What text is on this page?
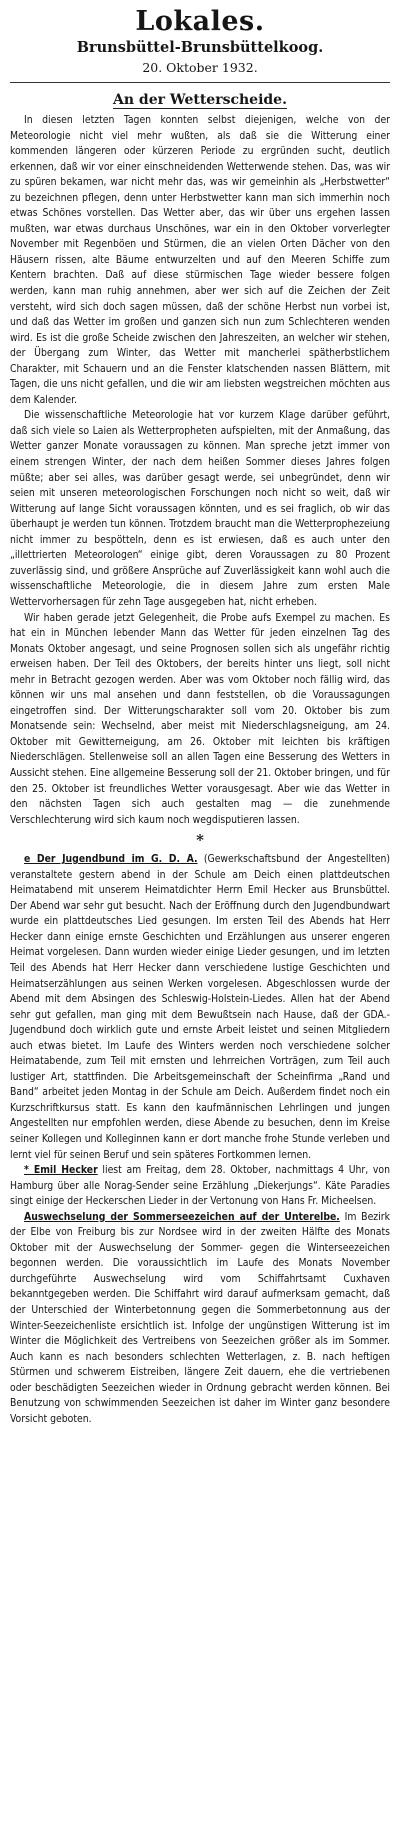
Lokales.

Brunsbüttel-Brunsbüttelkoog.

20. Oktober 1932.

An der Wetterscheide.

In diesen letzten Tagen konnten selbst diejenigen, welche von der Meteorologie nicht viel mehr wußten, als daß sie die Witterung einer kommenden längeren oder kürzeren Periode zu ergründen sucht, deutlich erkennen, daß wir vor einer einschneidenden Wetterwende stehen. Das, was wir zu spüren bekamen, war nicht mehr das, was wir gemeinhin als „Herbstwetter“ zu bezeichnen pflegen, denn unter Herbstwetter kann man sich immerhin noch etwas Schönes vorstellen. Das Wetter aber, das wir über uns ergehen lassen mußten, war etwas durchaus Unschönes, war ein in den Oktober vorverlegter November mit Regenböen und Stürmen, die an vielen Orten Dächer von den Häusern rissen, alte Bäume entwurzelten und auf den Meeren Schiffe zum Kentern brachten. Daß auf diese stürmischen Tage wieder bessere folgen werden, kann man ruhig annehmen, aber wer sich auf die Zeichen der Zeit versteht, wird sich doch sagen müssen, daß der schöne Herbst nun vorbei ist, und daß das Wetter im großen und ganzen sich nun zum Schlechteren wenden wird. Es ist die große Scheide zwischen den Jahreszeiten, an welcher wir stehen, der Übergang zum Winter, das Wetter mit mancherlei spätherbstlichem Charakter, mit Schauern und an die Fenster klatschenden nassen Blättern, mit Tagen, die uns nicht gefallen, und die wir am liebsten wegstreichen möchten aus dem Kalender.

Die wissenschaftliche Meteorologie hat vor kurzem Klage darüber geführt, daß sich viele so Laien als Wetterpropheten aufspielten, mit der Anmaßung, das Wetter ganzer Monate voraussagen zu können. Man spreche jetzt immer von einem strengen Winter, der nach dem heißen Sommer dieses Jahres folgen müßte; aber sei alles, was darüber gesagt werde, sei unbegründet, denn wir seien mit unseren meteorologischen Forschungen noch nicht so weit, daß wir Witterung auf lange Sicht voraussagen könnten, und es sei fraglich, ob wir das überhaupt je werden tun können. Trotzdem braucht man die Wetterprophezeiung nicht immer zu bespötteln, denn es ist erwiesen, daß es auch unter den „illettrierten Meteorologen“ einige gibt, deren Voraussagen zu 80 Prozent zuverlässig sind, und größere Ansprüche auf Zuverlässigkeit kann wohl auch die wissenschaftliche Meteorologie, die in diesem Jahre zum ersten Male Wettervorhersagen für zehn Tage ausgegeben hat, nicht erheben.

Wir haben gerade jetzt Gelegenheit, die Probe aufs Exempel zu machen. Es hat ein in München lebender Mann das Wetter für jeden einzelnen Tag des Monats Oktober angesagt, und seine Prognosen sollen sich als ungefähr richtig erweisen haben. Der Teil des Oktobers, der bereits hinter uns liegt, soll nicht mehr in Betracht gezogen werden. Aber was vom Oktober noch fällig wird, das können wir uns mal ansehen und dann feststellen, ob die Voraussagungen eingetroffen sind. Der Witterungscharakter soll vom 20. Oktober bis zum Monatsende sein: Wechselnd, aber meist mit Niederschlagsneigung, am 24. Oktober mit Gewitterneigung, am 26. Oktober mit leichten bis kräftigen Niederschlägen. Stellenweise soll an allen Tagen eine Besserung des Wetters in Aussicht stehen. Eine allgemeine Besserung soll der 21. Oktober bringen, und für den 25. Oktober ist freundliches Wetter vorausgesagt. Aber wie das Wetter in den nächsten Tagen sich auch gestalten mag — die zunehmende Verschlechterung wird sich kaum noch wegdisputieren lassen.

*

e Der Jugendbund im G. D. A. (Gewerkschaftsbund der Angestellten) veranstaltete gestern abend in der Schule am Deich einen plattdeutschen Heimatabend mit unserem Heimatdichter Herrn Emil Hecker aus Brunsbüttel. Der Abend war sehr gut besucht. Nach der Eröffnung durch den Jugendbundwart wurde ein plattdeutsches Lied gesungen. Im ersten Teil des Abends hat Herr Hecker dann einige ernste Geschichten und Erzählungen aus unserer engeren Heimat vorgelesen. Dann wurden wieder einige Lieder gesungen, und im letzten Teil des Abends hat Herr Hecker dann verschiedene lustige Geschichten und Heimatserzählungen aus seinen Werken vorgelesen. Abgeschlossen wurde der Abend mit dem Absingen des Schleswig-Holstein-Liedes. Allen hat der Abend sehr gut gefallen, man ging mit dem Bewußtsein nach Hause, daß der GDA.-Jugendbund doch wirklich gute und ernste Arbeit leistet und seinen Mitgliedern auch etwas bietet. Im Laufe des Winters werden noch verschiedene solcher Heimatabende, zum Teil mit ernsten und lehrreichen Vorträgen, zum Teil auch lustiger Art, stattfinden. Die Arbeitsgemeinschaft der Scheinfirma „Rand und Band“ arbeitet jeden Montag in der Schule am Deich. Außerdem findet noch ein Kurzschriftkursus statt. Es kann den kaufmännischen Lehrlingen und jungen Angestellten nur empfohlen werden, diese Abende zu besuchen, denn im Kreise seiner Kollegen und Kolleginnen kann er dort manche frohe Stunde verleben und lernt viel für seinen Beruf und sein späteres Fortkommen lernen.

* Emil Hecker liest am Freitag, dem 28. Oktober, nachmittags 4 Uhr, von Hamburg über alle Norag-Sender seine Erzählung „Diekerjungs“. Käte Paradies singt einige der Heckerschen Lieder in der Vertonung von Hans Fr. Micheelsen.

Auswechselung der Sommerseezeichen auf der Unterelbe. Im Bezirk der Elbe von Freiburg bis zur Nordsee wird in der zweiten Hälfte des Monats Oktober mit der Auswechselung der Sommer- gegen die Winterseezeichen begonnen werden. Die voraussichtlich im Laufe des Monats November durchgeführte Auswechselung wird vom Schiffahrtsamt Cuxhaven bekanntgegeben werden. Die Schiffahrt wird darauf aufmerksam gemacht, daß der Unterschied der Winterbetonnung gegen die Sommerbetonnung aus der Winter-Seezeichenliste ersichtlich ist. Infolge der ungünstigen Witterung ist im Winter die Möglichkeit des Vertreibens von Seezeichen größer als im Sommer. Auch kann es nach besonders schlechten Wetterlagen, z. B. nach heftigen Stürmen und schwerem Eistreiben, längere Zeit dauern, ehe die vertriebenen oder beschädigten Seezeichen wieder in Ordnung gebracht werden können. Bei Benutzung von schwimmenden Seezeichen ist daher im Winter ganz besondere Vorsicht geboten.
